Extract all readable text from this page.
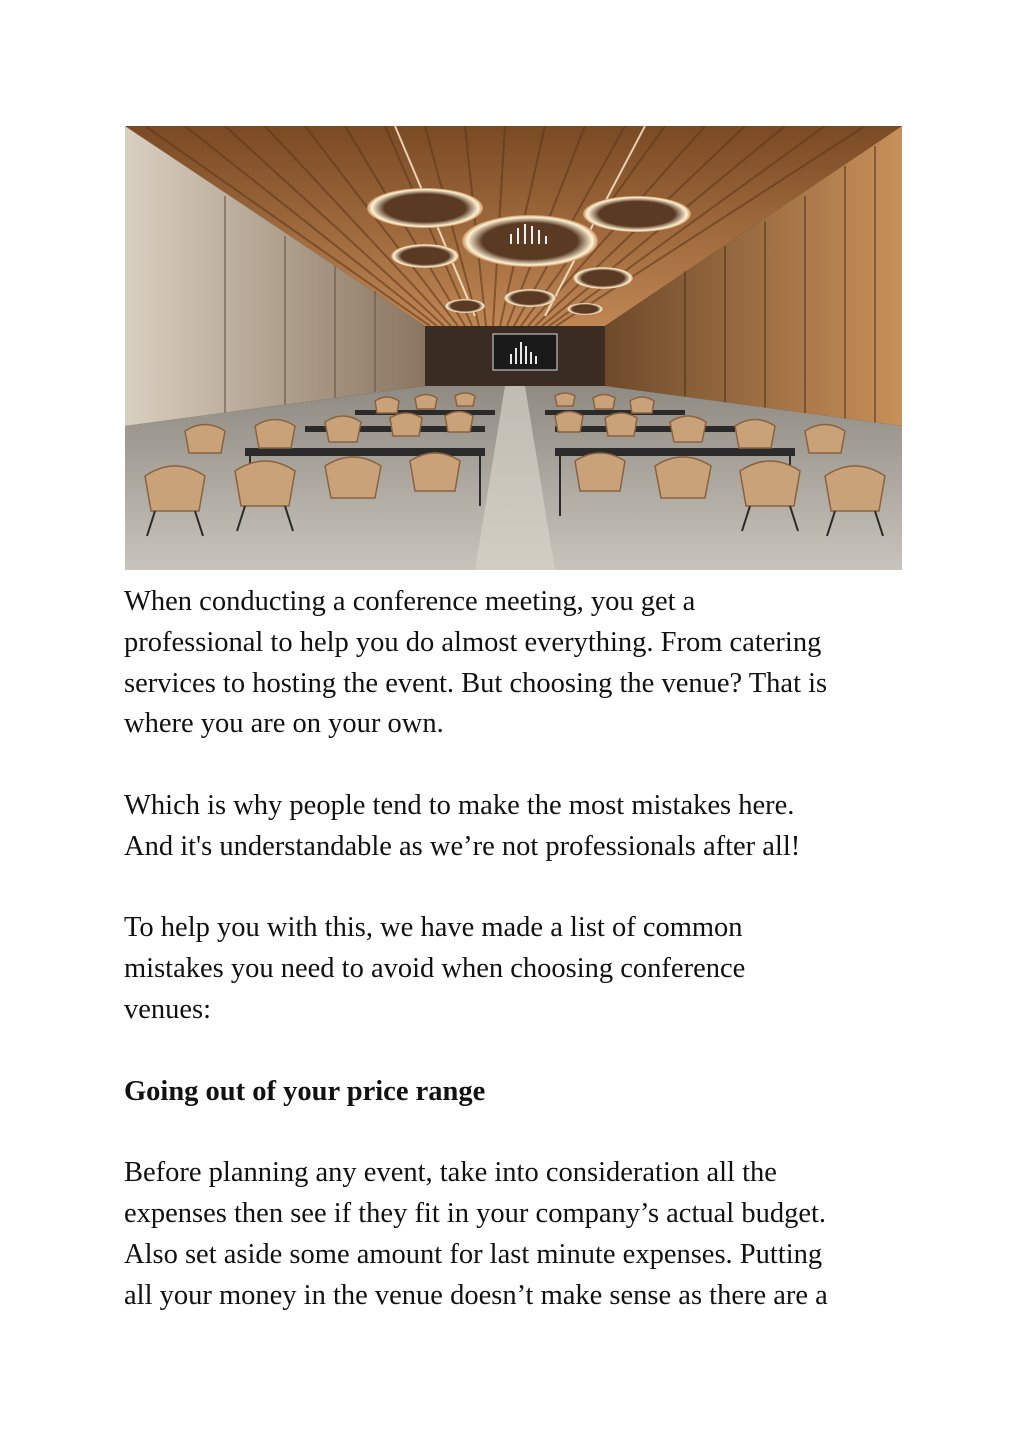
When conducting a conference meeting, you get a
professional to help you do almost everything. From catering
services to hosting the event. But choosing the venue? That is
where you are on your own.

Which is why people tend to make the most mistakes here.
And it's understandable as we’re not professionals after all!

To help you with this, we have made a list of common
mistakes you need to avoid when choosing conference
venues:

Going out of your price range

Before planning any event, take into consideration all the
expenses then see if they fit in your company’s actual budget.
Also set aside some amount for last minute expenses. Putting
all your money in the venue doesn’t make sense as there are a
